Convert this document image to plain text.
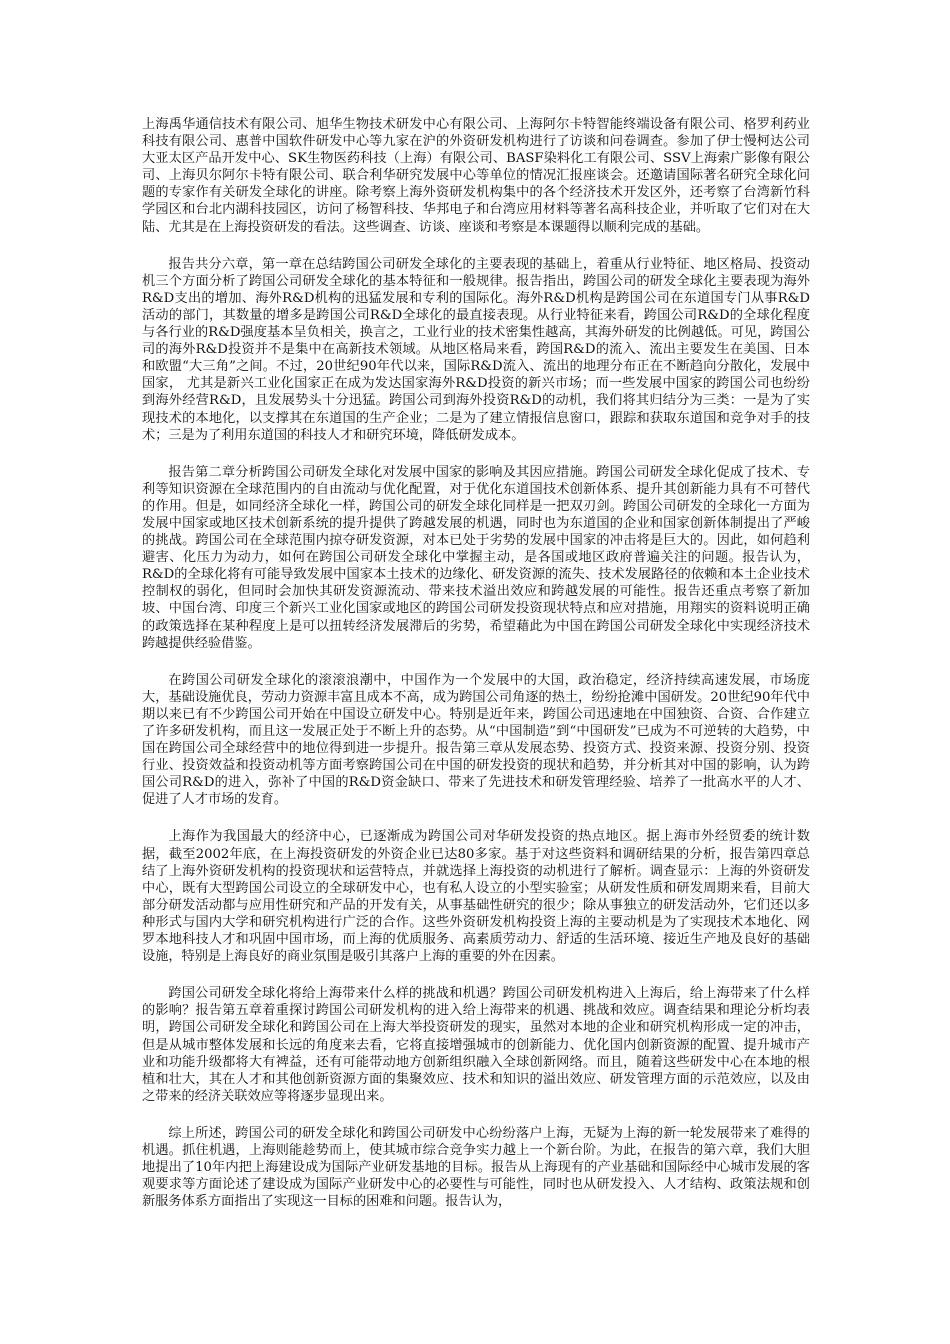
上海禹华通信技术有限公司、旭华生物技术研发中心有限公司、上海阿尔卡特智能终端设备有限公司、格罗利药业科技有限公司、惠普中国软件研发中心等九家在沪的外资研发机构进行了访谈和问卷调查。参加了伊士慢柯达公司大亚太区产品开发中心、SK生物医药科技（上海）有限公司、BASF染料化工有限公司、SSV上海索广影像有限公司、上海贝尔阿尔卡特有限公司、联合利华研究发展中心等单位的情况汇报座谈会。还邀请国际著名研究全球化问题的专家作有关研发全球化的讲座。除考察上海外资研发机构集中的各个经济技术开发区外，还考察了台湾新竹科学园区和台北内湖科技园区，访问了杨智科技、华邦电子和台湾应用材料等著名高科技企业，并听取了它们对在大陆、尤其是在上海投资研发的看法。这些调查、访谈、座谈和考察是本课题得以顺利完成的基础。

报告共分六章，第一章在总结跨国公司研发全球化的主要表现的基础上，着重从行业特征、地区格局、投资动机三个方面分析了跨国公司研发全球化的基本特征和一般规律。报告指出，跨国公司的研发全球化主要表现为海外R&D支出的增加、海外R&D机构的迅猛发展和专利的国际化。海外R&D机构是跨国公司在东道国专门从事R&D活动的部门，其数量的增多是跨国公司R&D全球化的最直接表现。从行业特征来看，跨国公司R&D的全球化程度与各行业的R&D强度基本呈负相关，换言之，工业行业的技术密集性越高，其海外研发的比例越低。可见，跨国公司的海外R&D投资并不是集中在高新技术领域。从地区格局来看，跨国R&D的流入、流出主要发生在美国、日本和欧盟“大三角”之间。不过，20世纪90年代以来，国际R&D流入、流出的地理分布正在不断趋向分散化，发展中国家， 尤其是新兴工业化国家正在成为发达国家海外R&D投资的新兴市场；而一些发展中国家的跨国公司也纷纷到海外经营R&D，且发展势头十分迅猛。跨国公司到海外投资R&D的动机，我们将其归结分为三类：一是为了实现技术的本地化，以支撑其在东道国的生产企业；二是为了建立情报信息窗口，跟踪和获取东道国和竞争对手的技术；三是为了利用东道国的科技人才和研究环境，降低研发成本。

报告第二章分析跨国公司研发全球化对发展中国家的影响及其因应措施。跨国公司研发全球化促成了技术、专利等知识资源在全球范围内的自由流动与优化配置，对于优化东道国技术创新体系、提升其创新能力具有不可替代的作用。但是，如同经济全球化一样，跨国公司的研发全球化同样是一把双刃剑。跨国公司研发的全球化一方面为发展中国家或地区技术创新系统的提升提供了跨越发展的机遇，同时也为东道国的企业和国家创新体制提出了严峻的挑战。跨国公司在全球范围内掠夺研发资源，对本已处于劣势的发展中国家的冲击将是巨大的。因此，如何趋利避害、化压力为动力，如何在跨国公司研发全球化中掌握主动，是各国或地区政府普遍关注的问题。报告认为，R&D的全球化将有可能导致发展中国家本土技术的边缘化、研发资源的流失、技术发展路径的依赖和本土企业技术控制权的弱化，但同时会加快其研发资源流动、带来技术溢出效应和跨越发展的可能性。报告还重点考察了新加坡、中国台湾、印度三个新兴工业化国家或地区的跨国公司研发投资现状特点和应对措施，用翔实的资料说明正确的政策选择在某种程度上是可以扭转经济发展滞后的劣势，希望藉此为中国在跨国公司研发全球化中实现经济技术跨越提供经验借鉴。

在跨国公司研发全球化的滚滚浪潮中，中国作为一个发展中的大国，政治稳定，经济持续高速发展，市场庞大，基础设施优良，劳动力资源丰富且成本不高，成为跨国公司角逐的热土，纷纷抢滩中国研发。20世纪90年代中期以来已有不少跨国公司开始在中国设立研发中心。特别是近年来，跨国公司迅速地在中国独资、合资、合作建立了许多研发机构，而且这一发展正处于不断上升的态势。从“中国制造”到“中国研发”已成为不可逆转的大趋势，中国在跨国公司全球经营中的地位得到进一步提升。报告第三章从发展态势、投资方式、投资来源、投资分别、投资行业、投资效益和投资动机等方面考察跨国公司在中国的研发投资的现状和趋势，并分析其对中国的影响，认为跨国公司R&D的进入，弥补了中国的R&D资金缺口、带来了先进技术和研发管理经验、培养了一批高水平的人才、促进了人才市场的发育。

上海作为我国最大的经济中心，已逐渐成为跨国公司对华研发投资的热点地区。据上海市外经贸委的统计数据，截至2002年底，在上海投资研发的外资企业已达80多家。基于对这些资料和调研结果的分析，报告第四章总结了上海外资研发机构的投资现状和运营特点，并就选择上海投资的动机进行了解析。调查显示：上海的外资研发中心，既有大型跨国公司设立的全球研发中心，也有私人设立的小型实验室；从研发性质和研发周期来看，目前大部分研发活动都与应用性研究和产品的开发有关，从事基础性研究的很少；除从事独立的研发活动外，它们还以多种形式与国内大学和研究机构进行广泛的合作。这些外资研发机构投资上海的主要动机是为了实现技术本地化、网罗本地科技人才和巩固中国市场，而上海的优质服务、高素质劳动力、舒适的生活环境、接近生产地及良好的基础设施，特别是上海良好的商业氛围是吸引其落户上海的重要的外在因素。

跨国公司研发全球化将给上海带来什么样的挑战和机遇？跨国公司研发机构进入上海后，给上海带来了什么样的影响？报告第五章着重探讨跨国公司研发机构的进入给上海带来的机遇、挑战和效应。调查结果和理论分析均表明，跨国公司研发全球化和跨国公司在上海大举投资研发的现实，虽然对本地的企业和研究机构形成一定的冲击，但是从城市整体发展和长远的角度来去看，它将直接增强城市的创新能力、优化国内创新资源的配置、提升城市产业和功能升级都将大有裨益，还有可能带动地方创新组织融入全球创新网络。而且，随着这些研发中心在本地的根植和壮大，其在人才和其他创新资源方面的集聚效应、技术和知识的溢出效应、研发管理方面的示范效应，以及由之带来的经济关联效应等将逐步显现出来。

综上所述，跨国公司的研发全球化和跨国公司研发中心纷纷落户上海，无疑为上海的新一轮发展带来了难得的机遇。抓住机遇，上海则能趁势而上，使其城市综合竞争实力越上一个新台阶。为此，在报告的第六章，我们大胆地提出了10年内把上海建设成为国际产业研发基地的目标。报告从上海现有的产业基础和国际经中心城市发展的客观要求等方面论述了建设成为国际产业研发中心的必要性与可能性，同时也从研发投入、人才结构、政策法规和创新服务体系方面指出了实现这一目标的困难和问题。报告认为，
